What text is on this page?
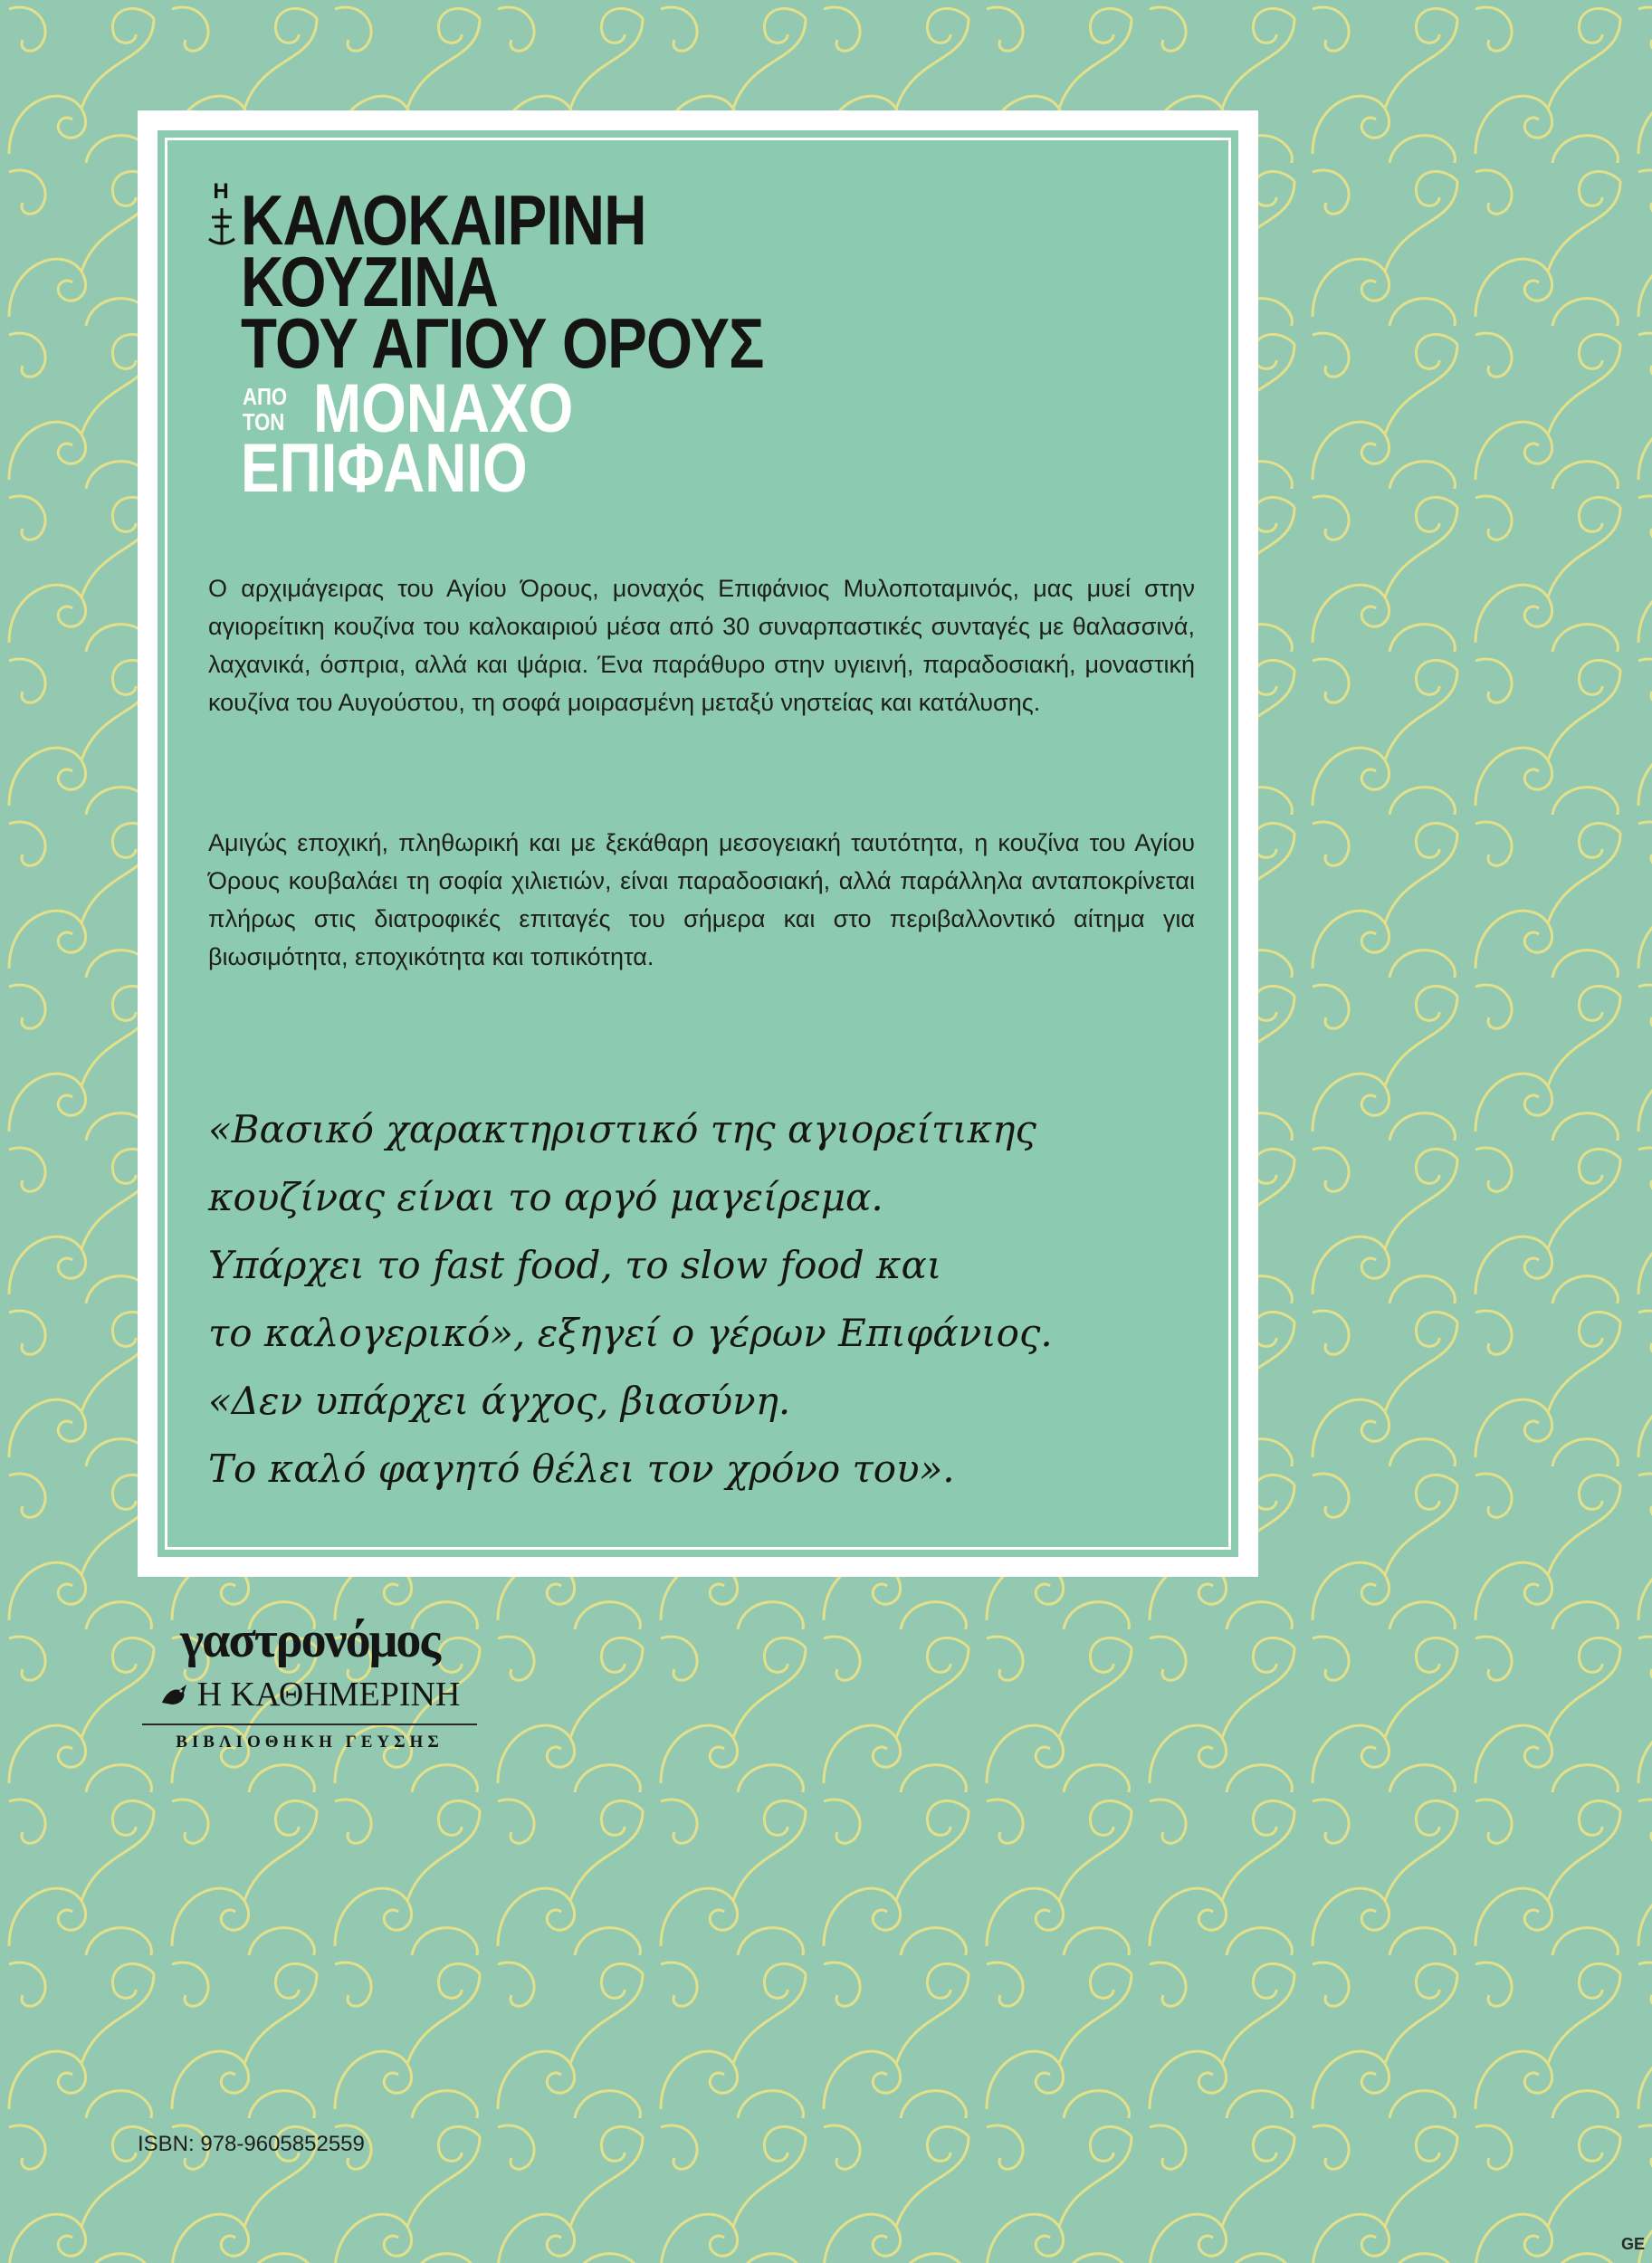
Η ΚΑΛΟΚΑΙΡΙΝΗ
ΚΟΥΖΙΝΑ
ΤΟΥ ΑΓΙΟΥ ΟΡΟΥΣ
ΑΠΟ
ΤΟΝ ΜΟΝΑΧΟ
ΕΠΙΦΑΝΙΟ

Ο αρχιμάγειρας του Αγίου Όρους, μοναχός Επιφάνιος Μυλοποταμινός, μας μυεί στην αγιορείτικη κουζίνα του καλοκαιριού μέσα από 30 συναρπαστικές συνταγές με θαλασσινά, λαχανικά, όσπρια, αλλά και ψάρια. Ένα παράθυρο στην υγιεινή, παραδοσιακή, μοναστική κουζίνα του Αυγούστου, τη σοφά μοιρασμένη μεταξύ νηστείας και κατάλυσης.

Αμιγώς εποχική, πληθωρική και με ξεκάθαρη μεσογειακή ταυτότητα, η κουζίνα του Αγίου Όρους κουβαλάει τη σοφία χιλιετιών, είναι παραδοσιακή, αλλά παράλληλα ανταποκρίνεται πλήρως στις διατροφικές επιταγές του σήμερα και στο περιβαλλοντικό αίτημα για βιωσιμότητα, εποχικότητα και τοπικότητα.

«Βασικό χαρακτηριστικό της αγιορείτικης
κουζίνας είναι το αργό μαγείρεμα.
Υπάρχει το fast food, το slow food και
το καλογερικό», εξηγεί ο γέρων Επιφάνιος.
«Δεν υπάρχει άγχος, βιασύνη.
Το καλό φαγητό θέλει τον χρόνο του».

γαστρονόμος
Η ΚΑΘΗΜΕΡΙΝΗ
ΒΙΒΛΙΟΘΗΚΗ ΓΕΥΣΗΣ
ISBN: 978-9605852559
GE
